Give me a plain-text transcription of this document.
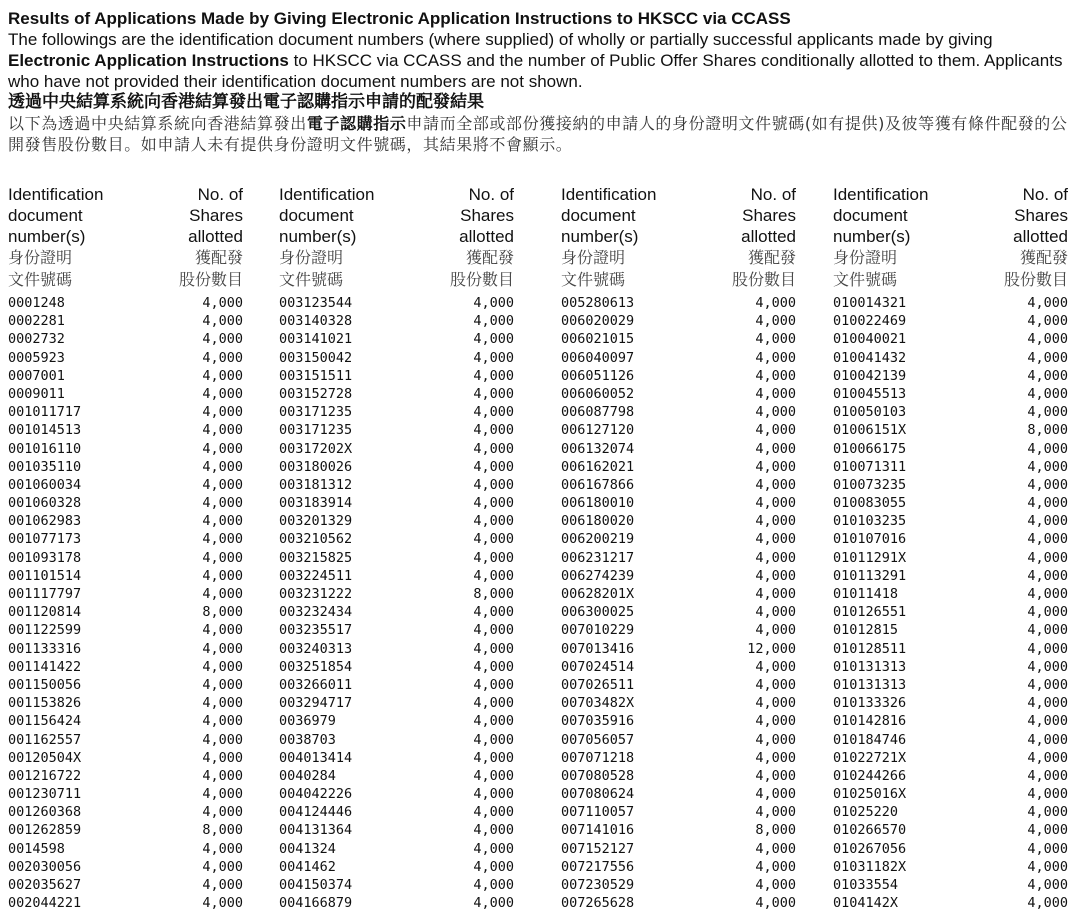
Results of Applications Made by Giving Electronic Application Instructions to HKSCC via CCASS
The followings are the identification document numbers (where supplied) of wholly or partially successful applicants made by giving Electronic Application Instructions to HKSCC via CCASS and the number of Public Offer Shares conditionally allotted to them. Applicants who have not provided their identification document numbers are not shown.
透過中央結算系統向香港結算發出電子認購指示申請的配發結果
以下為透過中央結算系統向香港結算發出電子認購指示申請而全部或部份獲接納的申請人的身份證明文件號碼(如有提供)及彼等獲有條件配發的公開發售股份數目。如申請人未有提供身份證明文件號碼，其結果將不會顯示。
Identification
document
number(s)
身份證明
文件號碼
No. of
Shares
allotted
獲配發
股份數目
0001248	4,000
0002281	4,000
0002732	4,000
0005923	4,000
0007001	4,000
0009011	4,000
001011717	4,000
001014513	4,000
001016110	4,000
001035110	4,000
001060034	4,000
001060328	4,000
001062983	4,000
001077173	4,000
001093178	4,000
001101514	4,000
001117797	4,000
001120814	8,000
001122599	4,000
001133316	4,000
001141422	4,000
001150056	4,000
001153826	4,000
001156424	4,000
001162557	4,000
00120504X	4,000
001216722	4,000
001230711	4,000
001260368	4,000
001262859	8,000
0014598	4,000
002030056	4,000
002035627	4,000
002044221	4,000
Identification
document
number(s)
身份證明
文件號碼
No. of
Shares
allotted
獲配發
股份數目
003123544	4,000
003140328	4,000
003141021	4,000
003150042	4,000
003151511	4,000
003152728	4,000
003171235	4,000
003171235	4,000
00317202X	4,000
003180026	4,000
003181312	4,000
003183914	4,000
003201329	4,000
003210562	4,000
003215825	4,000
003224511	4,000
003231222	8,000
003232434	4,000
003235517	4,000
003240313	4,000
003251854	4,000
003266011	4,000
003294717	4,000
0036979	4,000
0038703	4,000
004013414	4,000
0040284	4,000
004042226	4,000
004124446	4,000
004131364	4,000
0041324	4,000
0041462	4,000
004150374	4,000
004166879	4,000
Identification
document
number(s)
身份證明
文件號碼
No. of
Shares
allotted
獲配發
股份數目
005280613	4,000
006020029	4,000
006021015	4,000
006040097	4,000
006051126	4,000
006060052	4,000
006087798	4,000
006127120	4,000
006132074	4,000
006162021	4,000
006167866	4,000
006180010	4,000
006180020	4,000
006200219	4,000
006231217	4,000
006274239	4,000
00628201X	4,000
006300025	4,000
007010229	4,000
007013416	12,000
007024514	4,000
007026511	4,000
00703482X	4,000
007035916	4,000
007056057	4,000
007071218	4,000
007080528	4,000
007080624	4,000
007110057	4,000
007141016	8,000
007152127	4,000
007217556	4,000
007230529	4,000
007265628	4,000
Identification
document
number(s)
身份證明
文件號碼
No. of
Shares
allotted
獲配發
股份數目
010014321	4,000
010022469	4,000
010040021	4,000
010041432	4,000
010042139	4,000
010045513	4,000
010050103	4,000
01006151X	8,000
010066175	4,000
010071311	4,000
010073235	4,000
010083055	4,000
010103235	4,000
010107016	4,000
01011291X	4,000
010113291	4,000
01011418	4,000
010126551	4,000
01012815	4,000
010128511	4,000
010131313	4,000
010131313	4,000
010133326	4,000
010142816	4,000
010184746	4,000
01022721X	4,000
010244266	4,000
01025016X	4,000
01025220	4,000
010266570	4,000
010267056	4,000
01031182X	4,000
01033554	4,000
0104142X	4,000
